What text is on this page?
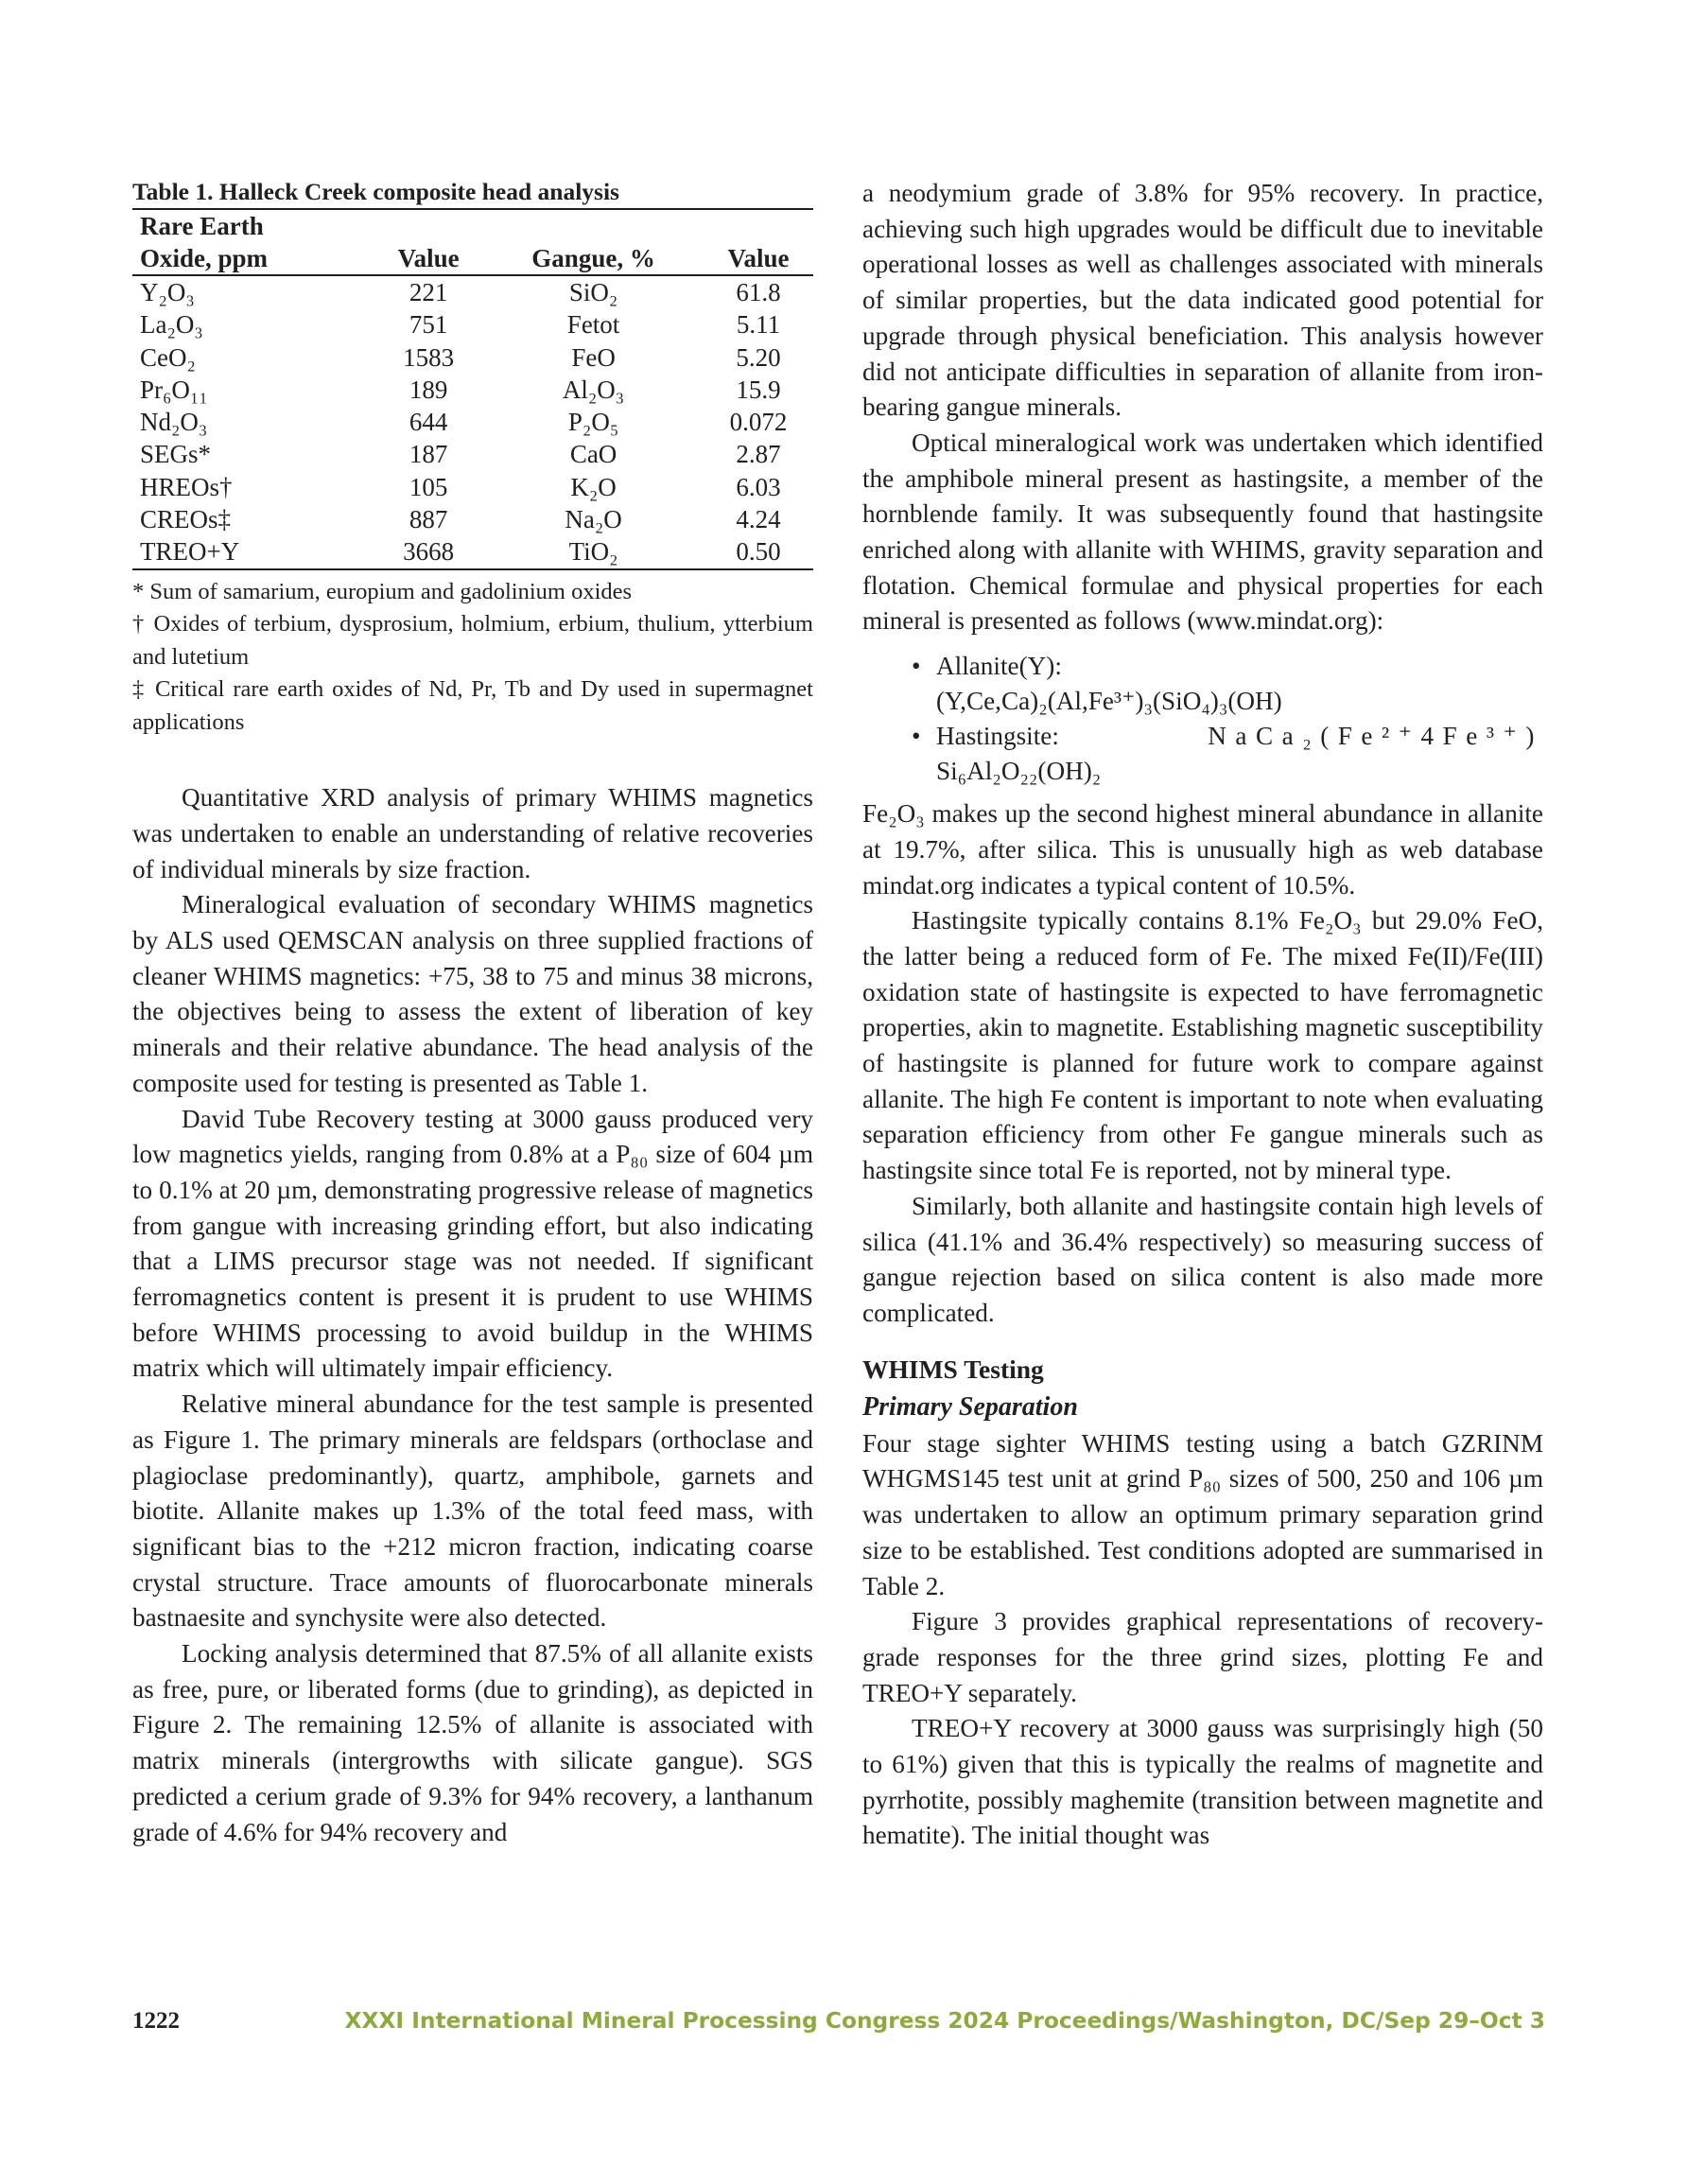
Table 1. Halleck Creek composite head analysis

Rare Earth			
Oxide, ppm	Value	Gangue, %	Value
Y₂O₃	221	SiO₂	61.8
La₂O₃	751	Fetot	5.11
CeO₂	1583	FeO	5.20
Pr₆O₁₁	189	Al₂O₃	15.9
Nd₂O₃	644	P₂O₅	0.072
SEGs*	187	CaO	2.87
HREOs†	105	K₂O	6.03
CREOs‡	887	Na₂O	4.24
TREO+Y	3668	TiO₂	0.50

* Sum of samarium, europium and gadolinium oxides

† Oxides of terbium, dysprosium, holmium, erbium, thulium, ytterbium and lutetium

‡ Critical rare earth oxides of Nd, Pr, Tb and Dy used in supermagnet applications

Quantitative XRD analysis of primary WHIMS magnetics was undertaken to enable an understanding of relative recoveries of individual minerals by size fraction.

Mineralogical evaluation of secondary WHIMS magnetics by ALS used QEMSCAN analysis on three supplied fractions of cleaner WHIMS magnetics: +75, 38 to 75 and minus 38 microns, the objectives being to assess the extent of liberation of key minerals and their relative abundance. The head analysis of the composite used for testing is presented as Table 1.

David Tube Recovery testing at 3000 gauss produced very low magnetics yields, ranging from 0.8% at a P₈₀ size of 604 µm to 0.1% at 20 µm, demonstrating progressive release of magnetics from gangue with increasing grinding effort, but also indicating that a LIMS precursor stage was not needed. If significant ferromagnetics content is present it is prudent to use WHIMS before WHIMS processing to avoid buildup in the WHIMS matrix which will ultimately impair efficiency.

Relative mineral abundance for the test sample is presented as Figure 1. The primary minerals are feldspars (orthoclase and plagioclase predominantly), quartz, amphibole, garnets and biotite. Allanite makes up 1.3% of the total feed mass, with significant bias to the +212 micron fraction, indicating coarse crystal structure. Trace amounts of fluorocarbonate minerals bastnaesite and synchysite were also detected.

Locking analysis determined that 87.5% of all allanite exists as free, pure, or liberated forms (due to grinding), as depicted in Figure 2. The remaining 12.5% of allanite is associated with matrix minerals (intergrowths with silicate gangue). SGS predicted a cerium grade of 9.3% for 94% recovery, a lanthanum grade of 4.6% for 94% recovery and

a neodymium grade of 3.8% for 95% recovery. In practice, achieving such high upgrades would be difficult due to inevitable operational losses as well as challenges associated with minerals of similar properties, but the data indicated good potential for upgrade through physical beneficiation. This analysis however did not anticipate difficulties in separation of allanite from iron-bearing gangue minerals.

Optical mineralogical work was undertaken which identified the amphibole mineral present as hastingsite, a member of the hornblende family. It was subsequently found that hastingsite enriched along with allanite with WHIMS, gravity separation and flotation. Chemical formulae and physical properties for each mineral is presented as follows (www.mindat.org):

• Allanite(Y):
(Y,Ce,Ca)₂(Al,Fe³⁺)₃(SiO₄)₃(OH)
• Hastingsite:	NaCa₂(Fe²⁺4Fe³⁺)

Si₆Al₂O₂₂(OH)₂

Fe₂O₃ makes up the second highest mineral abundance in allanite at 19.7%, after silica. This is unusually high as web database mindat.org indicates a typical content of 10.5%.

Hastingsite typically contains 8.1% Fe₂O₃ but 29.0% FeO, the latter being a reduced form of Fe. The mixed Fe(II)/Fe(III) oxidation state of hastingsite is expected to have ferromagnetic properties, akin to magnetite. Establishing magnetic susceptibility of hastingsite is planned for future work to compare against allanite. The high Fe content is important to note when evaluating separation efficiency from other Fe gangue minerals such as hastingsite since total Fe is reported, not by mineral type.

Similarly, both allanite and hastingsite contain high levels of silica (41.1% and 36.4% respectively) so measuring success of gangue rejection based on silica content is also made more complicated.

WHIMS Testing

Primary Separation

Four stage sighter WHIMS testing using a batch GZRINM WHGMS145 test unit at grind P₈₀ sizes of 500, 250 and 106 µm was undertaken to allow an optimum primary separation grind size to be established. Test conditions adopted are summarised in Table 2.

Figure 3 provides graphical representations of recovery-grade responses for the three grind sizes, plotting Fe and TREO+Y separately.

TREO+Y recovery at 3000 gauss was surprisingly high (50 to 61%) given that this is typically the realms of magnetite and pyrrhotite, possibly maghemite (transition between magnetite and hematite). The initial thought was

1222	XXXI International Mineral Processing Congress 2024 Proceedings/Washington, DC/Sep 29–Oct 3
